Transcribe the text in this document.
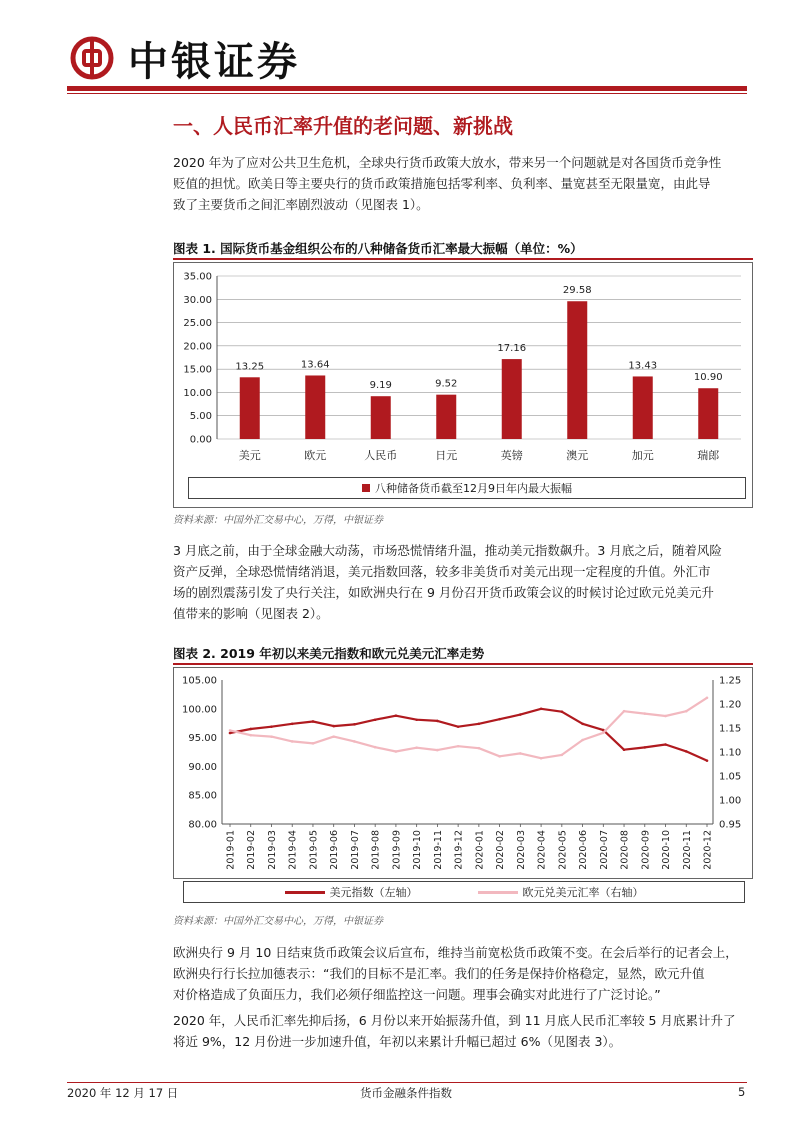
中银证券
一、人民币汇率升值的老问题、新挑战
2020 年为了应对公共卫生危机，全球央行货币政策大放水，带来另一个问题就是对各国货币竞争性
贬值的担忧。欧美日等主要央行的货币政策措施包括零利率、负利率、量宽甚至无限量宽，由此导
致了主要货币之间汇率剧烈波动（见图表 1）。
图表 1. 国际货币基金组织公布的八种储备货币汇率最大振幅（单位：%）
0.00
5.00
10.00
15.00
20.00
25.00
30.00
35.00
13.25
美元
13.64
欧元
9.19
人民币
9.52
日元
17.16
英镑
29.58
澳元
13.43
加元
10.90
瑞郎
八种储备货币截至12月9日年内最大振幅
资料来源：中国外汇交易中心，万得，中银证券
3 月底之前，由于全球金融大动荡，市场恐慌情绪升温，推动美元指数飙升。3 月底之后，随着风险
资产反弹，全球恐慌情绪消退，美元指数回落，较多非美货币对美元出现一定程度的升值。外汇市
场的剧烈震荡引发了央行关注，如欧洲央行在 9 月份召开货币政策会议的时候讨论过欧元兑美元升
值带来的影响（见图表 2）。
图表 2. 2019 年初以来美元指数和欧元兑美元汇率走势
80.00
85.00
90.00
95.00
100.00
105.00
0.95
1.00
1.05
1.10
1.15
1.20
1.25
2019-01 2019-02 2019-03 2019-04 2019-05 2019-06 2019-07 2019-08 2019-09 2019-10 2019-11 2019-12 2020-01 2020-02 2020-03 2020-04 2020-05 2020-06 2020-07 2020-08 2020-09 2020-10 2020-11 2020-12
美元指数（左轴）	欧元兑美元汇率（右轴）
资料来源：中国外汇交易中心，万得，中银证券
欧洲央行 9 月 10 日结束货币政策会议后宣布，维持当前宽松货币政策不变。在会后举行的记者会上，
欧洲央行行长拉加德表示：“我们的目标不是汇率。我们的任务是保持价格稳定，显然，欧元升值
对价格造成了负面压力，我们必须仔细监控这一问题。理事会确实对此进行了广泛讨论。”
2020 年，人民币汇率先抑后扬，6 月份以来开始振荡升值，到 11 月底人民币汇率较 5 月底累计升了
将近 9%，12 月份进一步加速升值，年初以来累计升幅已超过 6%（见图表 3）。
2020 年 12 月 17 日	货币金融条件指数	5
